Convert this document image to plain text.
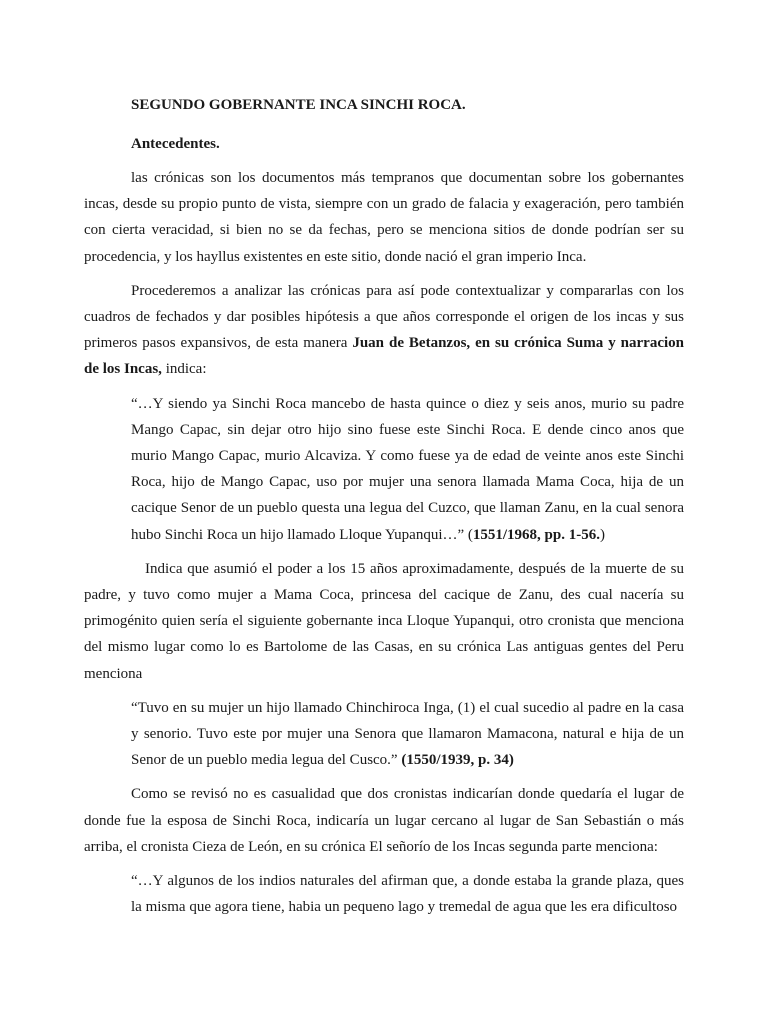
SEGUNDO GOBERNANTE INCA SINCHI ROCA.
Antecedentes.

las crónicas son los documentos más tempranos que documentan sobre los gobernantes incas, desde su propio punto de vista, siempre con un grado de falacia y exageración, pero también con cierta veracidad, si bien no se da fechas, pero se menciona sitios de donde podrían ser su procedencia, y los hayllus existentes en este sitio, donde nació el gran imperio Inca.

Procederemos a analizar las crónicas para así pode contextualizar y compararlas con los cuadros de fechados y dar posibles hipótesis a que años corresponde el origen de los incas y sus primeros pasos expansivos, de esta manera Juan de Betanzos, en su crónica Suma y narracion de los Incas, indica:

“…Y siendo ya Sinchi Roca mancebo de hasta quince o diez y seis anos, murio su padre Mango Capac, sin dejar otro hijo sino fuese este Sinchi Roca. E dende cinco anos que murio Mango Capac, murio Alcaviza. Y como fuese ya de edad de veinte anos este Sinchi Roca, hijo de Mango Capac, uso por mujer una senora llamada Mama Coca, hija de un cacique Senor de un pueblo questa una legua del Cuzco, que llaman Zanu, en la cual senora hubo Sinchi Roca un hijo llamado Lloque Yupanqui…” (1551/1968, pp. 1-56.)

Indica que asumió el poder a los 15 años aproximadamente, después de la muerte de su padre, y tuvo como mujer a Mama Coca, princesa del cacique de Zanu, des cual nacería su primogénito quien sería el siguiente gobernante inca Lloque Yupanqui, otro cronista que menciona del mismo lugar como lo es Bartolome de las Casas, en su crónica Las antiguas gentes del Peru menciona

“Tuvo en su mujer un hijo llamado Chinchiroca Inga, (1) el cual sucedio al padre en la casa y senorio. Tuvo este por mujer una Senora que llamaron Mamacona, natural e hija de un Senor de un pueblo media legua del Cusco.” (1550/1939, p. 34)

Como se revisó no es casualidad que dos cronistas indicarían donde quedaría el lugar de donde fue la esposa de Sinchi Roca, indicaría un lugar cercano al lugar de San Sebastián o más arriba, el cronista Cieza de León, en su crónica El señorío de los Incas segunda parte menciona:

“…Y algunos de los indios naturales del afirman que, a donde estaba la grande plaza, ques la misma que agora tiene, habia un pequeno lago y tremedal de agua que les era dificultoso
